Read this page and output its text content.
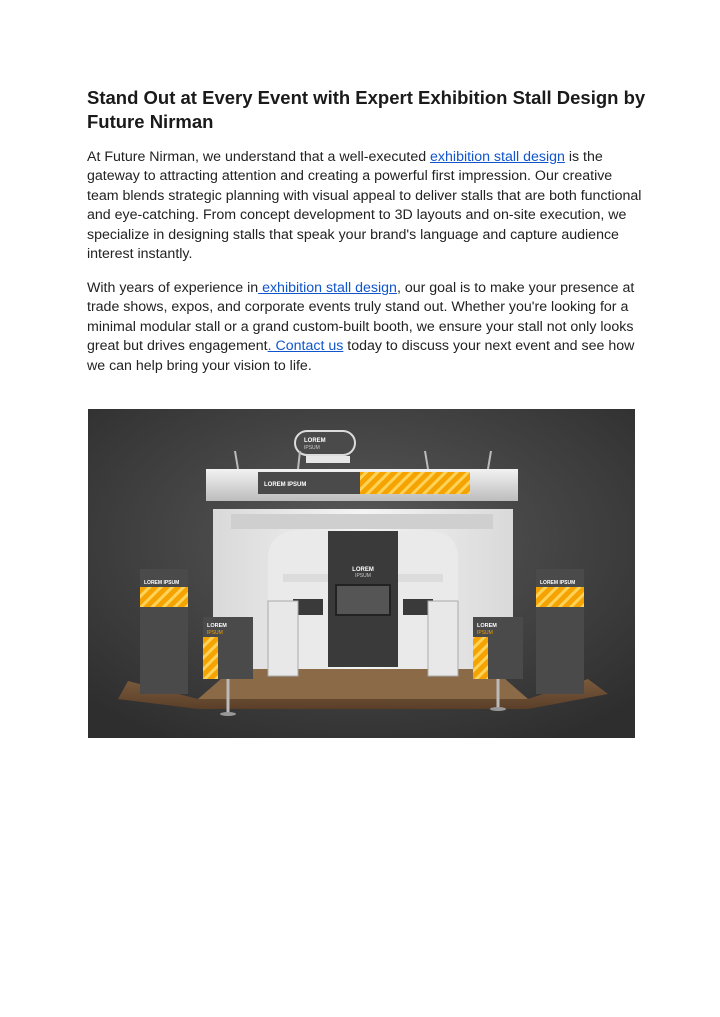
Stand Out at Every Event with Expert Exhibition Stall Design by Future Nirman

At Future Nirman, we understand that a well-executed exhibition stall design is the gateway to attracting attention and creating a powerful first impression. Our creative team blends strategic planning with visual appeal to deliver stalls that are both functional and eye-catching. From concept development to 3D layouts and on-site execution, we specialize in designing stalls that speak your brand's language and capture audience interest instantly.

With years of experience in exhibition stall design, our goal is to make your presence at trade shows, expos, and corporate events truly stand out. Whether you're looking for a minimal modular stall or a grand custom-built booth, we ensure your stall not only looks great but drives engagement. Contact us today to discuss your next event and see how we can help bring your vision to life.

LOREM
IPSUM
LOREM IPSUM
LOREM
IPSUM
LOREM IPSUM	LOREM IPSUM
LOREM
IPSUM
LOREM
IPSUM
